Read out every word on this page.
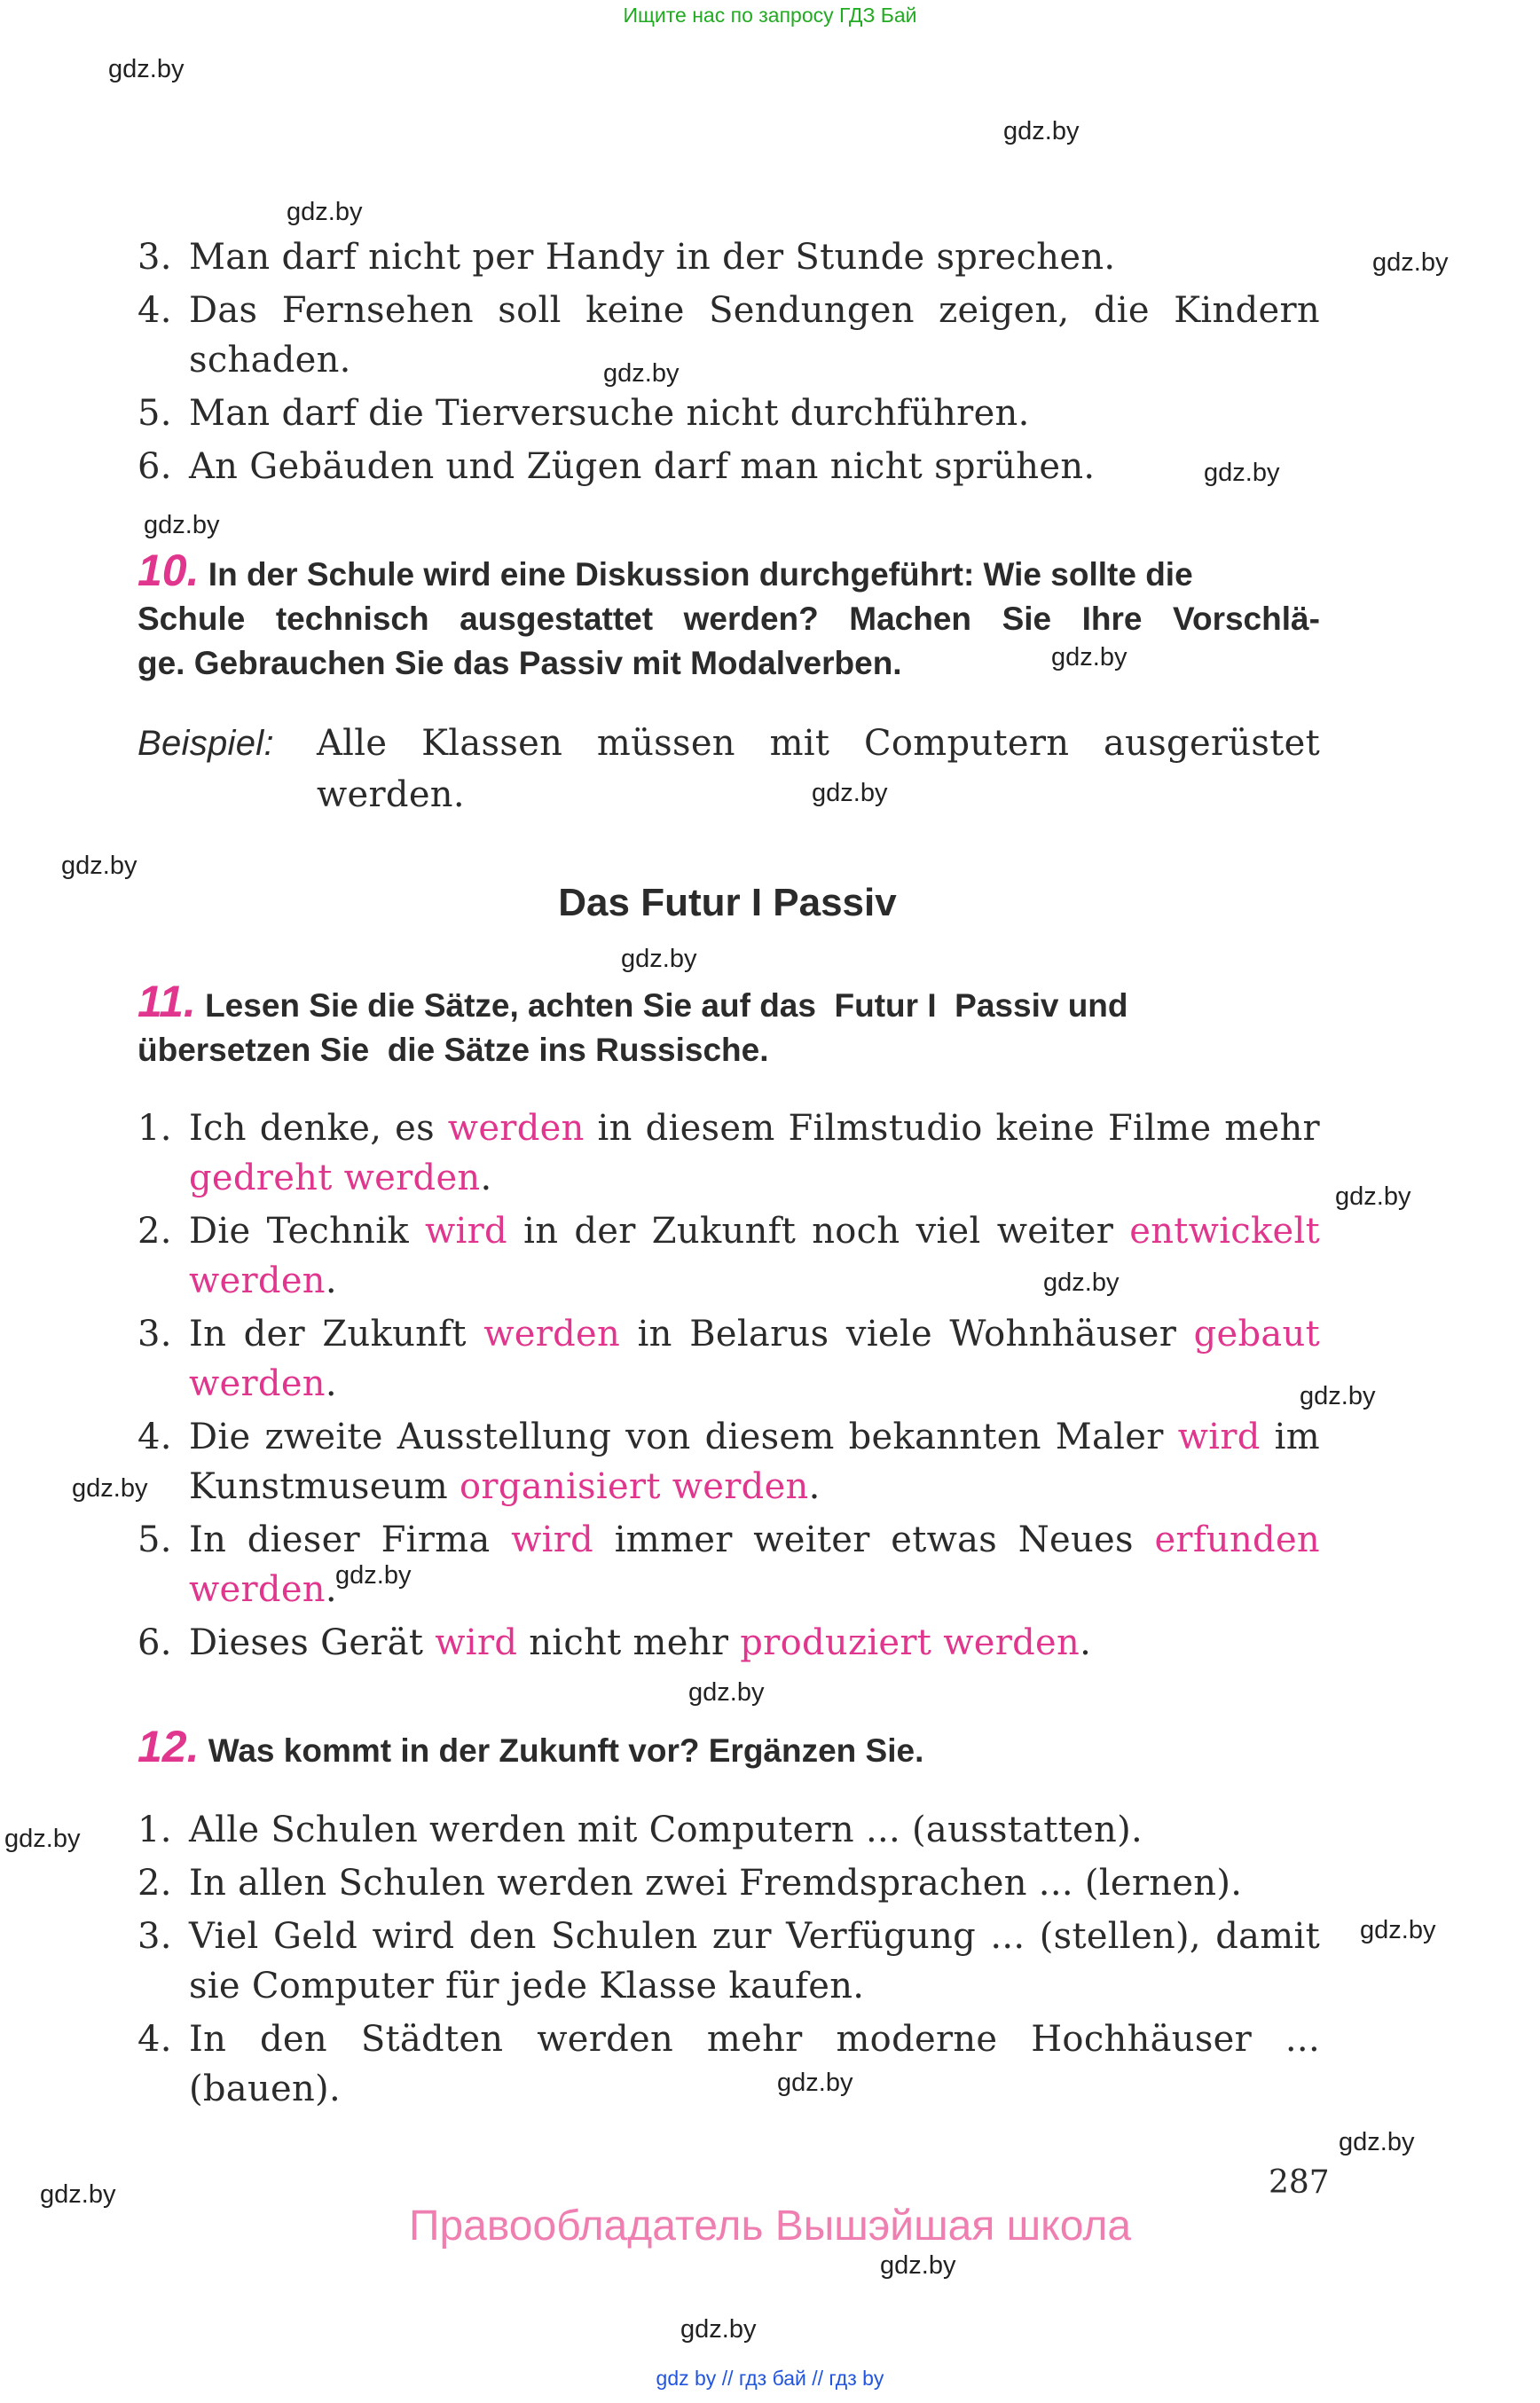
Ищите нас по запросу ГДЗ Бай
gdz by // гдз бай // гдз by
gdz.by
gdz.by
gdz.by
gdz.by
gdz.by
gdz.by
gdz.by
gdz.by
gdz.by
gdz.by
gdz.by
gdz.by
gdz.by
gdz.by
gdz.by
gdz.by
gdz.by
gdz.by
gdz.by
gdz.by
gdz.by
gdz.by
gdz.by
gdz.by
3. Man darf nicht per Handy in der Stunde sprechen.
4. Das Fernsehen soll keine Sendungen zeigen, die Kindern
schaden.
5. Man darf die Tierversuche nicht durchführen.
6. An Gebäuden und Zügen darf man nicht sprühen.
10. In der Schule wird eine Diskussion durchgeführt: Wie sollte die
Schule technisch ausgestattet werden? Machen Sie Ihre Vorschlä-
ge. Gebrauchen Sie das Passiv mit Modalverben.
Beispiel: Alle Klassen müssen mit Computern ausgerüstet
werden.
Das Futur I Passiv
11. Lesen Sie die Sätze, achten Sie auf das  Futur I  Passiv und
übersetzen Sie  die Sätze ins Russische.
1. Ich denke, es werden in diesem Filmstudio keine Filme mehr
gedreht werden.
2. Die Technik wird in der Zukunft noch viel weiter entwickelt
werden.
3. In der Zukunft werden in Belarus viele Wohnhäuser gebaut
werden.
4. Die zweite Ausstellung von diesem bekannten Maler wird im
Kunstmuseum organisiert werden.
5. In dieser Firma wird immer weiter etwas Neues erfunden
werden.
6. Dieses Gerät wird nicht mehr produziert werden.
12. Was kommt in der Zukunft vor? Ergänzen Sie.
1. Alle Schulen werden mit Computern ... (ausstatten).
2. In allen Schulen werden zwei Fremdsprachen ... (lernen).
3. Viel Geld wird den Schulen zur Verfügung ... (stellen), damit
sie Computer für jede Klasse kaufen.
4. In den Städten werden mehr moderne Hochhäuser ...
(bauen).
287
Правообладатель Вышэйшая школа
